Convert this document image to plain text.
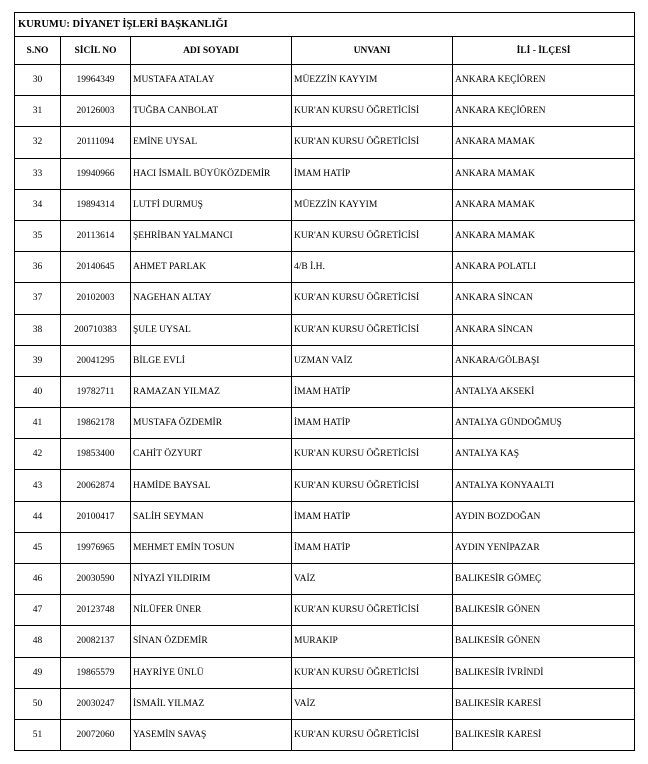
KURUMU: DİYANET İŞLERİ BAŞKANLIĞI				
S.NO	SİCİL NO	ADI SOYADI	UNVANI	İLİ - İLÇESİ
30	19964349	MUSTAFA ATALAY	MÜEZZİN KAYYIM	ANKARA KEÇİÖREN
31	20126003	TUĞBA CANBOLAT	KUR'AN KURSU ÖĞRETİCİSİ	ANKARA KEÇİÖREN
32	20111094	EMİNE UYSAL	KUR'AN KURSU ÖĞRETİCİSİ	ANKARA MAMAK
33	19940966	HACI İSMAİL BÜYÜKÖZDEMİR	İMAM HATİP	ANKARA MAMAK
34	19894314	LUTFİ DURMUŞ	MÜEZZİN KAYYIM	ANKARA MAMAK
35	20113614	ŞEHRİBAN YALMANCI	KUR'AN KURSU ÖĞRETİCİSİ	ANKARA MAMAK
36	20140645	AHMET PARLAK	4/B İ.H.	ANKARA POLATLI
37	20102003	NAGEHAN ALTAY	KUR'AN KURSU ÖĞRETİCİSİ	ANKARA SİNCAN
38	200710383	ŞULE UYSAL	KUR'AN KURSU ÖĞRETİCİSİ	ANKARA SİNCAN
39	20041295	BİLGE EVLİ	UZMAN VAİZ	ANKARA/GÖLBAŞI
40	19782711	RAMAZAN YILMAZ	İMAM HATİP	ANTALYA AKSEKİ
41	19862178	MUSTAFA ÖZDEMİR	İMAM HATİP	ANTALYA GÜNDOĞMUŞ
42	19853400	CAHİT ÖZYURT	KUR'AN KURSU ÖĞRETİCİSİ	ANTALYA KAŞ
43	20062874	HAMİDE BAYSAL	KUR'AN KURSU ÖĞRETİCİSİ	ANTALYA KONYAALTI
44	20100417	SALİH SEYMAN	İMAM HATİP	AYDIN BOZDOĞAN
45	19976965	MEHMET EMİN TOSUN	İMAM HATİP	AYDIN YENİPAZAR
46	20030590	NİYAZİ YILDIRIM	VAİZ	BALIKESİR GÖMEÇ
47	20123748	NİLÜFER ÜNER	KUR'AN KURSU ÖĞRETİCİSİ	BALIKESİR GÖNEN
48	20082137	SİNAN ÖZDEMİR	MURAKIP	BALIKESİR GÖNEN
49	19865579	HAYRİYE ÜNLÜ	KUR'AN KURSU ÖĞRETİCİSİ	BALIKESİR İVRİNDİ
50	20030247	İSMAİL YILMAZ	VAİZ	BALIKESİR KARESİ
51	20072060	YASEMİN SAVAŞ	KUR'AN KURSU ÖĞRETİCİSİ	BALIKESİR KARESİ
